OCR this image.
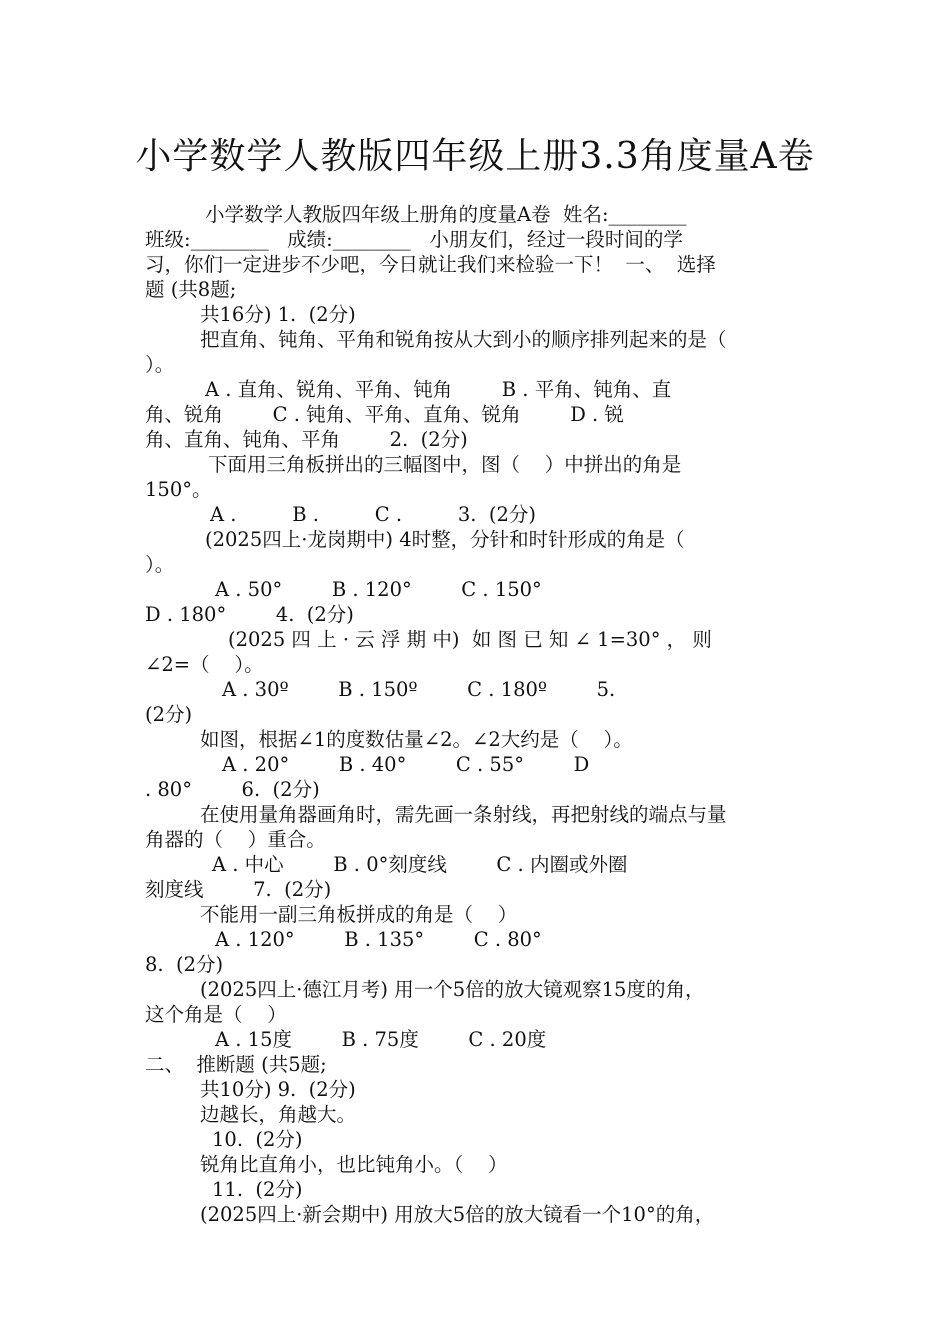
小学数学人教版四年级上册3.3角度量A卷
小学数学人教版四年级上册角的度量A卷  姓名:________
班级:________   成绩:________   小朋友们，经过一段时间的学
习，你们一定进步不少吧，今日就让我们来检验一下！  一、  选择
题 (共8题;
共16分) 1.  (2分)
把直角、钝角、平角和锐角按从大到小的顺序排列起来的是（
）。
A . 直角、锐角、平角、钝角        B . 平角、钝角、直
角、锐角        C . 钝角、平角、直角、锐角        D . 锐
角、直角、钝角、平角        2.  (2分)
下面用三角板拼出的三幅图中，图（    ）中拼出的角是
150°。
A .         B .         C .         3.  (2分)
(2025四上·龙岗期中) 4时整，分针和时针形成的角是（
）。
A . 50°        B . 120°        C . 150°
D . 180°        4.  (2分)
(2025 四 上 · 云 浮 期 中)  如 图 已 知 ∠ 1=30° ， 则
∠2=（    ）。
A . 30º        B . 150º        C . 180º        5.
(2分)
如图，根据∠1的度数估量∠2。∠2大约是（    ）。
A . 20°        B . 40°        C . 55°        D
. 80°        6.  (2分)
在使用量角器画角时，需先画一条射线，再把射线的端点与量
角器的（    ）重合。
A . 中心        B . 0°刻度线        C . 内圈或外圈
刻度线        7.  (2分)
不能用一副三角板拼成的角是（    ）
A . 120°        B . 135°        C . 80°
8.  (2分)
(2025四上·德江月考) 用一个5倍的放大镜观察15度的角，
这个角是（    ）
A . 15度        B . 75度        C . 20度
二、  推断题 (共5题;
共10分) 9.  (2分)
边越长，角越大。
10.  (2分)
锐角比直角小，也比钝角小。（    ）
11.  (2分)
(2025四上·新会期中) 用放大5倍的放大镜看一个10°的角，
